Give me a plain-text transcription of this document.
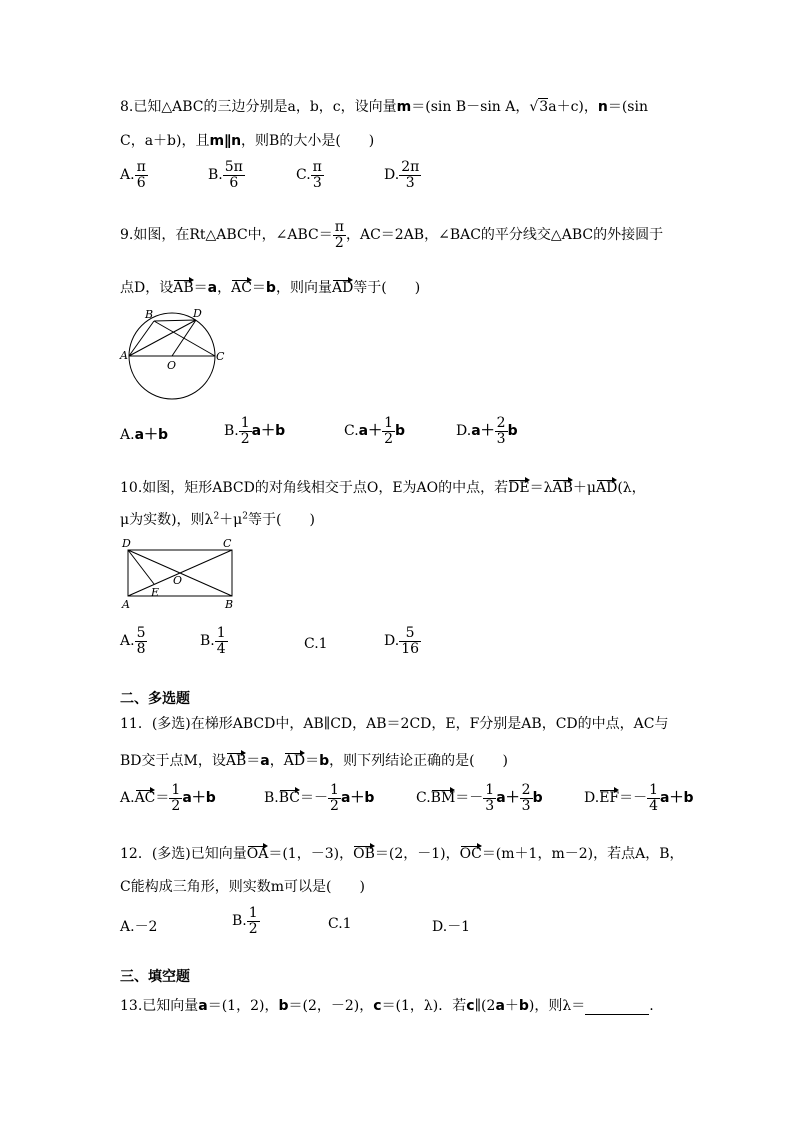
8.已知△ABC的三边分别是a，b，c，设向量m＝(sin B－sin A，√3a＋c)，n＝(sin
C，a＋b)，且m∥n，则B的大小是(　　)
A. $\frac{\pi}{6}$	B. $\frac{5\pi}{6}$	C. $\frac{\pi}{3}$	D. $\frac{2\pi}{3}$
9.如图，在Rt△ABC中，∠ABC＝ $\frac{\pi}{2}$ ，AC＝2AB，∠BAC的平分线交△ABC的外接圆于
点D，设AB＝a，AC＝b，则向量AD等于(　　)
A
B
C
D
O
A.a＋b	B. $\frac{1}{2} a+b$	$C.a+ \frac{1}{2}$ b	$D.a+ \frac{2}{3}$ b
10.如图，矩形ABCD的对角线相交于点O，E为AO的中点，若DE＝λAB＋μAD(λ，
μ为实数)，则$\lambda^2+\mu^2$等于(　　)
D	C
A	B
O
E
A. $\frac{5}{8}$	B. $\frac{1}{4}$	C.1	D. $\frac{5}{16}$
二、多选题
11．(多选)在梯形ABCD中，AB∥CD，AB＝2CD，E，F分别是AB，CD的中点，AC与
BD交于点M，设AB＝a，AD＝b，则下列结论正确的是(　　)
$A.AC= \frac{1}{2} a+b$	$B.BC=- \frac{1}{2} a+b$	$C.BM=- \frac{1}{3} a+ \frac{2}{3}$ b	$D.EF=- \frac{1}{4} a+b$
12．(多选)已知向量OA＝(1，－3)，OB＝(2，－1)，OC＝(m＋1，m－2)，若点A，B，
C能构成三角形，则实数m可以是(　　)
A.－2	B. $\frac{1}{2}$	C.1	D.－1
三、填空题
13.已知向量a＝(1，2)，b＝(2，－2)，c＝(1，λ)．若c∥(2a＋b)，则λ＝	.
